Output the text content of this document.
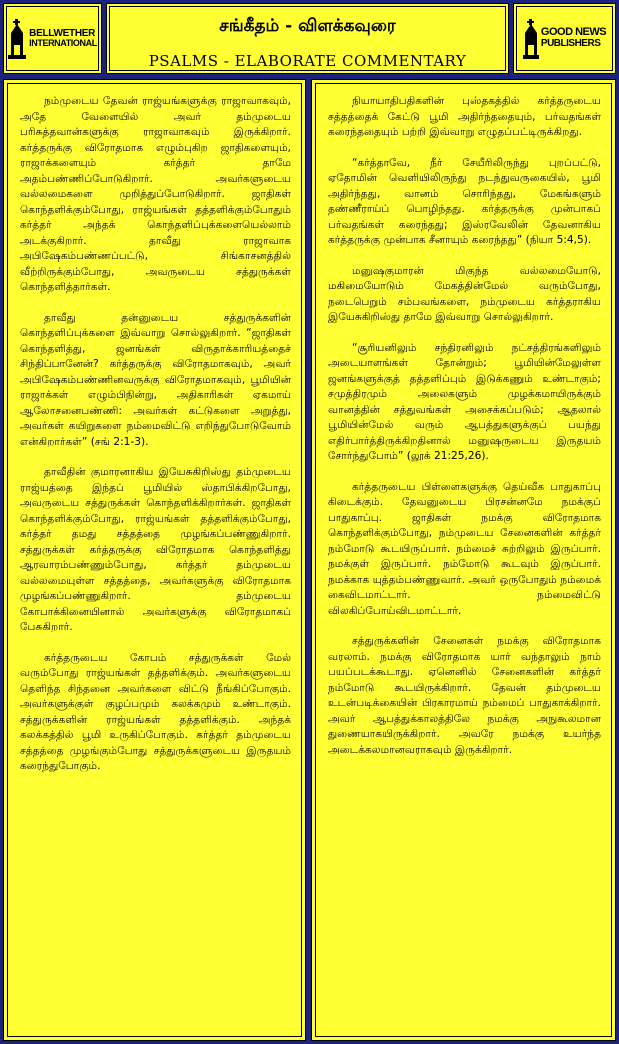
BELLWETHER
INTERNATIONAL
சங்கீதம் - விளக்கவுரை
PSALMS - ELABORATE COMMENTARY
GOOD NEWS
PUBLISHERS

நம்முடைய தேவன் ராஜ்யங்களுக்கு ராஜாவாகவும், அதே வேளையில் அவர் தம்முடைய பரிசுத்தவான்களுக்கு ராஜாவாகவும் இருக்கிறார். கர்த்தருக்கு விரோதமாக எழும்புகிற ஜாதிகளையும், ராஜாக்களையும் கர்த்தர் தாமே அதம்பண்ணிப்போடுகிறார். அவர்களுடைய வல்லமைகளை முறித்துப்போடுகிறார். ஜாதிகள் கொந்தளிக்கும்போது, ராஜ்யங்கள் தத்தளிக்கும்போதும் கர்த்தர் அந்தக் கொந்தளிப்புக்களையெல்லாம் அடக்குகிறார். தாவீது ராஜாவாக அபிஷேகம்பண்ணப்பட்டு, சிங்காசனத்தில் வீற்றிருக்கும்போது, அவருடைய சத்துருக்கள் கொந்தளித்தார்கள்.

தாவீது தன்னுடைய சத்துருக்களின் கொந்தளிப்புக்களை இவ்வாறு சொல்லுகிறார். “ஜாதிகள் கொந்தளித்து, ஜனங்கள் விருதாக்காரியத்தைச் சிந்திப்பானேன்? கர்த்தருக்கு விரோதமாகவும், அவர் அபிஷேகம்பண்ணினவருக்கு விரோதமாகவும், பூமியின் ராஜாக்கள் எழும்பிநின்று, அதிகாரிகள் ஏகமாய் ஆலோசனைபண்ணி: அவர்கள் கட்டுகளை அறுத்து, அவர்கள் கயிறுகளை நம்மைவிட்டு எறிந்துபோடுவோம் என்கிறார்கள்” (சங் 2:1-3).

தாவீதின் குமாரனாகிய இயேசுகிறிஸ்து தம்முடைய ராஜ்யத்தை இந்தப் பூமியில் ஸ்தாபிக்கிறபோது, அவருடைய சத்துருக்கள் கொந்தளிக்கிறார்கள். ஜாதிகள் கொந்தளிக்கும்போது, ராஜ்யங்கள் தத்தளிக்கும்போது, கர்த்தர் தமது சத்தத்தை முழங்கப்பண்ணுகிறார். சத்துருக்கள் கர்த்தருக்கு விரோதமாக கொந்தளித்து ஆரவாரம்பண்ணும்போது, கர்த்தர் தம்முடைய வல்லமையுள்ள சத்தத்தை, அவர்களுக்கு விரோதமாக முழங்கப்பண்ணுகிறார். தம்முடைய கோபாக்கினையினால் அவர்களுக்கு விரோதமாகப் பேசுகிறார்.

கர்த்தருடைய கோபம் சத்துருக்கள் மேல் வரும்போது ராஜ்யங்கள் தத்தளிக்கும். அவர்களுடைய தெளிந்த சிந்தனை அவர்களை விட்டு நீங்கிப்போகும். அவர்களுக்குள் குழப்பமும் கலக்கமும் உண்டாகும். சத்துருக்களின் ராஜ்யங்கள் தத்தளிக்கும். அந்தக் கலக்கத்தில் பூமி உருகிப்போகும். கர்த்தர் தம்முடைய சத்தத்தை முழங்கும்போது சத்துருக்களுடைய இருதயம் கரைந்துபோகும்.

நியாயாதிபதிகளின் புஸ்தகத்தில் கர்த்தருடைய சத்தத்தைக் கேட்டு பூமி அதிர்ந்ததையும், பர்வதங்கள் கரைந்ததையும் பற்றி இவ்வாறு எழுதப்பட்டிருக்கிறது.

“கர்த்தாவே, நீர் சேயீரிலிருந்து புறப்பட்டு, ஏதோமின் வெளியிலிருந்து நடந்துவருகையில், பூமி அதிர்ந்தது, வானம் சொரிந்தது, மேகங்களும் தண்ணீராய்ப் பொழிந்தது. கர்த்தருக்கு முன்பாகப் பர்வதங்கள் கரைந்தது; இஸ்ரவேலின் தேவனாகிய கர்த்தருக்கு முன்பாக சீனாயும் கரைந்தது” (நியா 5:4,5).

மனுஷகுமாரன் மிகுந்த வல்லமையோடு, மகிமையோடும் மேகத்தின்மேல் வரும்போது, நடைபெறும் சம்பவங்களை, நம்முடைய கர்த்தராகிய இயேசுகிறிஸ்து தாமே இவ்வாறு சொல்லுகிறார்.

“சூரியனிலும் சந்திரனிலும் நட்சத்திரங்களிலும் அடையாளங்கள் தோன்றும்; பூமியின்மேலுள்ள ஜனங்களுக்குத் தத்தளிப்பும் இடுக்கணும் உண்டாகும்; சமுத்திரமும் அலைகளும் முழக்கமாயிருக்கும் வானத்தின் சத்துவங்கள் அசைக்கப்படும்; ஆதலால் பூமியின்மேல் வரும் ஆபத்துகளுக்குப் பயந்து எதிர்பார்த்திருக்கிறதினால் மனுஷருடைய இருதயம் சோர்ந்துபோம்” (லூக் 21:25,26).

கர்த்தருடைய பிள்ளைகளுக்கு தெய்வீக பாதுகாப்பு கிடைக்கும். தேவனுடைய பிரசன்னமே நமக்குப் பாதுகாப்பு. ஜாதிகள் நமக்கு விரோதமாக கொந்தளிக்கும்போது, நம்முடைய சேனைகளின் கர்த்தர் நம்மோடு கூடயிருப்பார். நம்மைச் சுற்றிலும் இருப்பார். நமக்குள் இருப்பார். நம்மோடு கூடவும் இருப்பார். நமக்காக யுத்தம்பண்ணுவார். அவர் ஒருபோதும் நம்மைக் கைவிடமாட்டார். நம்மைவிட்டு விலகிப்போய்விடமாட்டார்.

சத்துருக்களின் சேனைகள் நமக்கு விரோதமாக வரலாம். நமக்கு விரோதமாக யார் வந்தாலும் நாம் பயப்படக்கூடாது. ஏனெனில் சேனைகளின் கர்த்தர் நம்மோடு கூடயிருக்கிறார். தேவன் தம்முடைய உடன்படிக்கையின் பிரகாரமாய் நம்மைப் பாதுகாக்கிறார். அவர் ஆபத்துக்காலத்திலே நமக்கு அநுகூலமான துணையாகயிருக்கிறார். அவரே நமக்கு உயர்ந்த அடைக்கலமானவராகவும் இருக்கிறார்.
